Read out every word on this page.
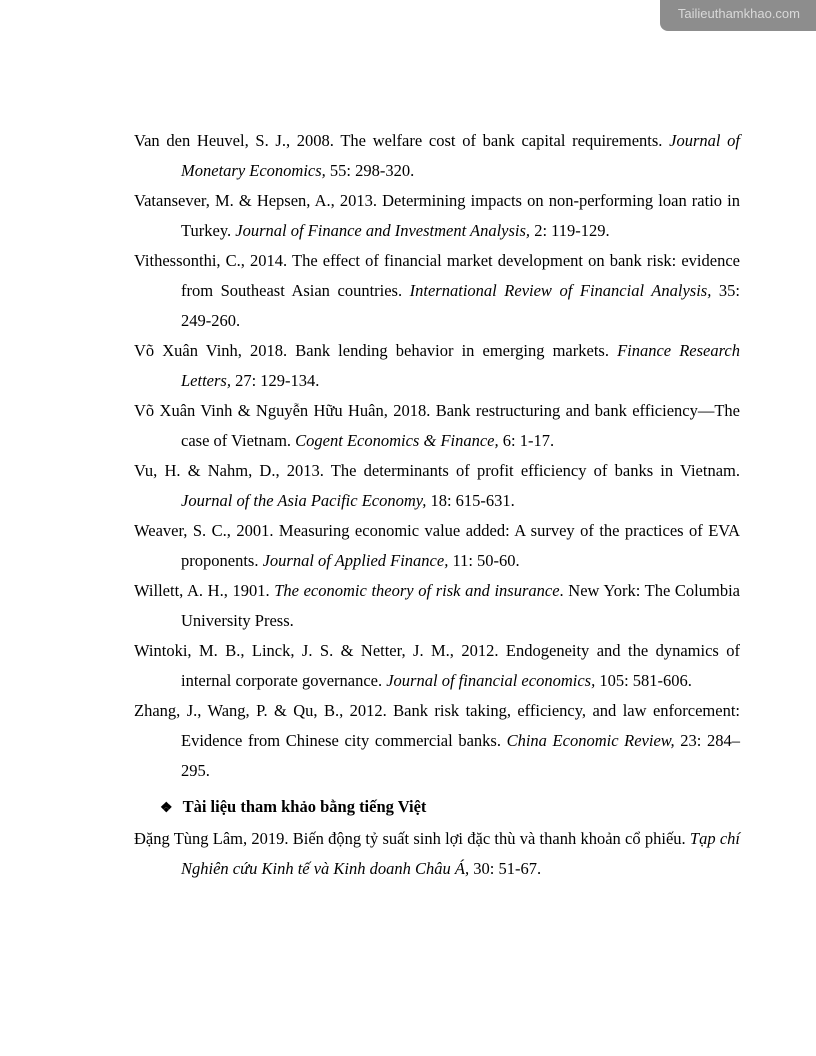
Tailieuthamkhao.com

Van den Heuvel, S. J., 2008. The welfare cost of bank capital requirements. Journal of Monetary Economics, 55: 298-320.

Vatansever, M. & Hepsen, A., 2013. Determining impacts on non-performing loan ratio in Turkey. Journal of Finance and Investment Analysis, 2: 119-129.

Vithessonthi, C., 2014. The effect of financial market development on bank risk: evidence from Southeast Asian countries. International Review of Financial Analysis, 35: 249-260.

Võ Xuân Vinh, 2018. Bank lending behavior in emerging markets. Finance Research Letters, 27: 129-134.

Võ Xuân Vinh & Nguyễn Hữu Huân, 2018. Bank restructuring and bank efficiency—The case of Vietnam. Cogent Economics & Finance, 6: 1-17.

Vu, H. & Nahm, D., 2013. The determinants of profit efficiency of banks in Vietnam. Journal of the Asia Pacific Economy, 18: 615-631.

Weaver, S. C., 2001. Measuring economic value added: A survey of the practices of EVA proponents. Journal of Applied Finance, 11: 50-60.

Willett, A. H., 1901. The economic theory of risk and insurance. New York: The Columbia University Press.

Wintoki, M. B., Linck, J. S. & Netter, J. M., 2012. Endogeneity and the dynamics of internal corporate governance. Journal of financial economics, 105: 581-606.

Zhang, J., Wang, P. & Qu, B., 2012. Bank risk taking, efficiency, and law enforcement: Evidence from Chinese city commercial banks. China Economic Review, 23: 284–295.

❖ Tài liệu tham khảo bằng tiếng Việt

Đặng Tùng Lâm, 2019. Biến động tỷ suất sinh lợi đặc thù và thanh khoản cổ phiếu. Tạp chí Nghiên cứu Kinh tế và Kinh doanh Châu Á, 30: 51-67.
